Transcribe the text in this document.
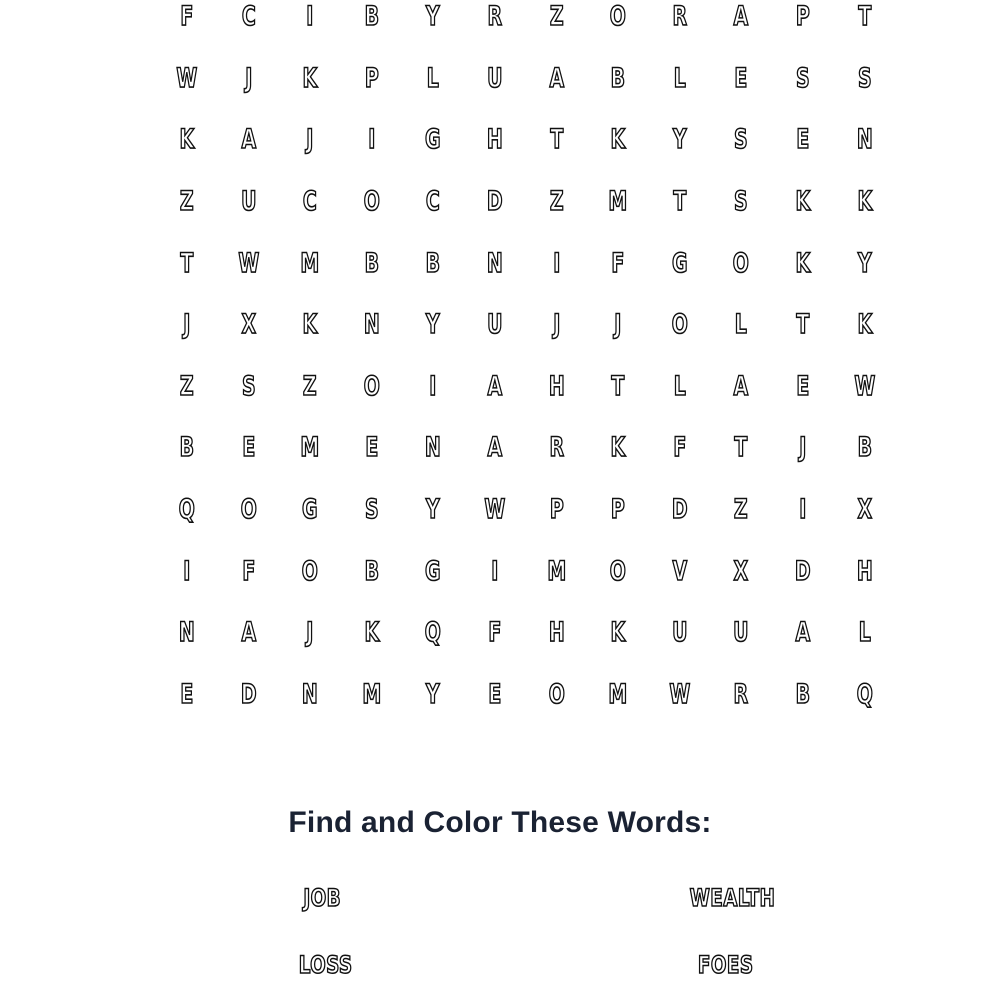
F	C	I	B	Y	R	Z	O	R	A	P	T
W	J	K	P	L	U	A	B	L	E	S	S
K	A	J	I	G	H	T	K	Y	S	E	N
Z	U	C	O	C	D	Z	M	T	S	K	K
T	W	M	B	B	N	I	F	G	O	K	Y
J	X	K	N	Y	U	J	J	O	L	T	K
Z	S	Z	O	I	A	H	T	L	A	E	W
B	E	M	E	N	A	R	K	F	T	J	B
Q	O	G	S	Y	W	P	P	D	Z	I	X
I	F	O	B	G	I	M	O	V	X	D	H
N	A	J	K	Q	F	H	K	U	U	A	L
E	D	N	M	Y	E	O	M	W	R	B	Q
Find and Color These Words:
JOB	WEALTH
LOSS	FOES
